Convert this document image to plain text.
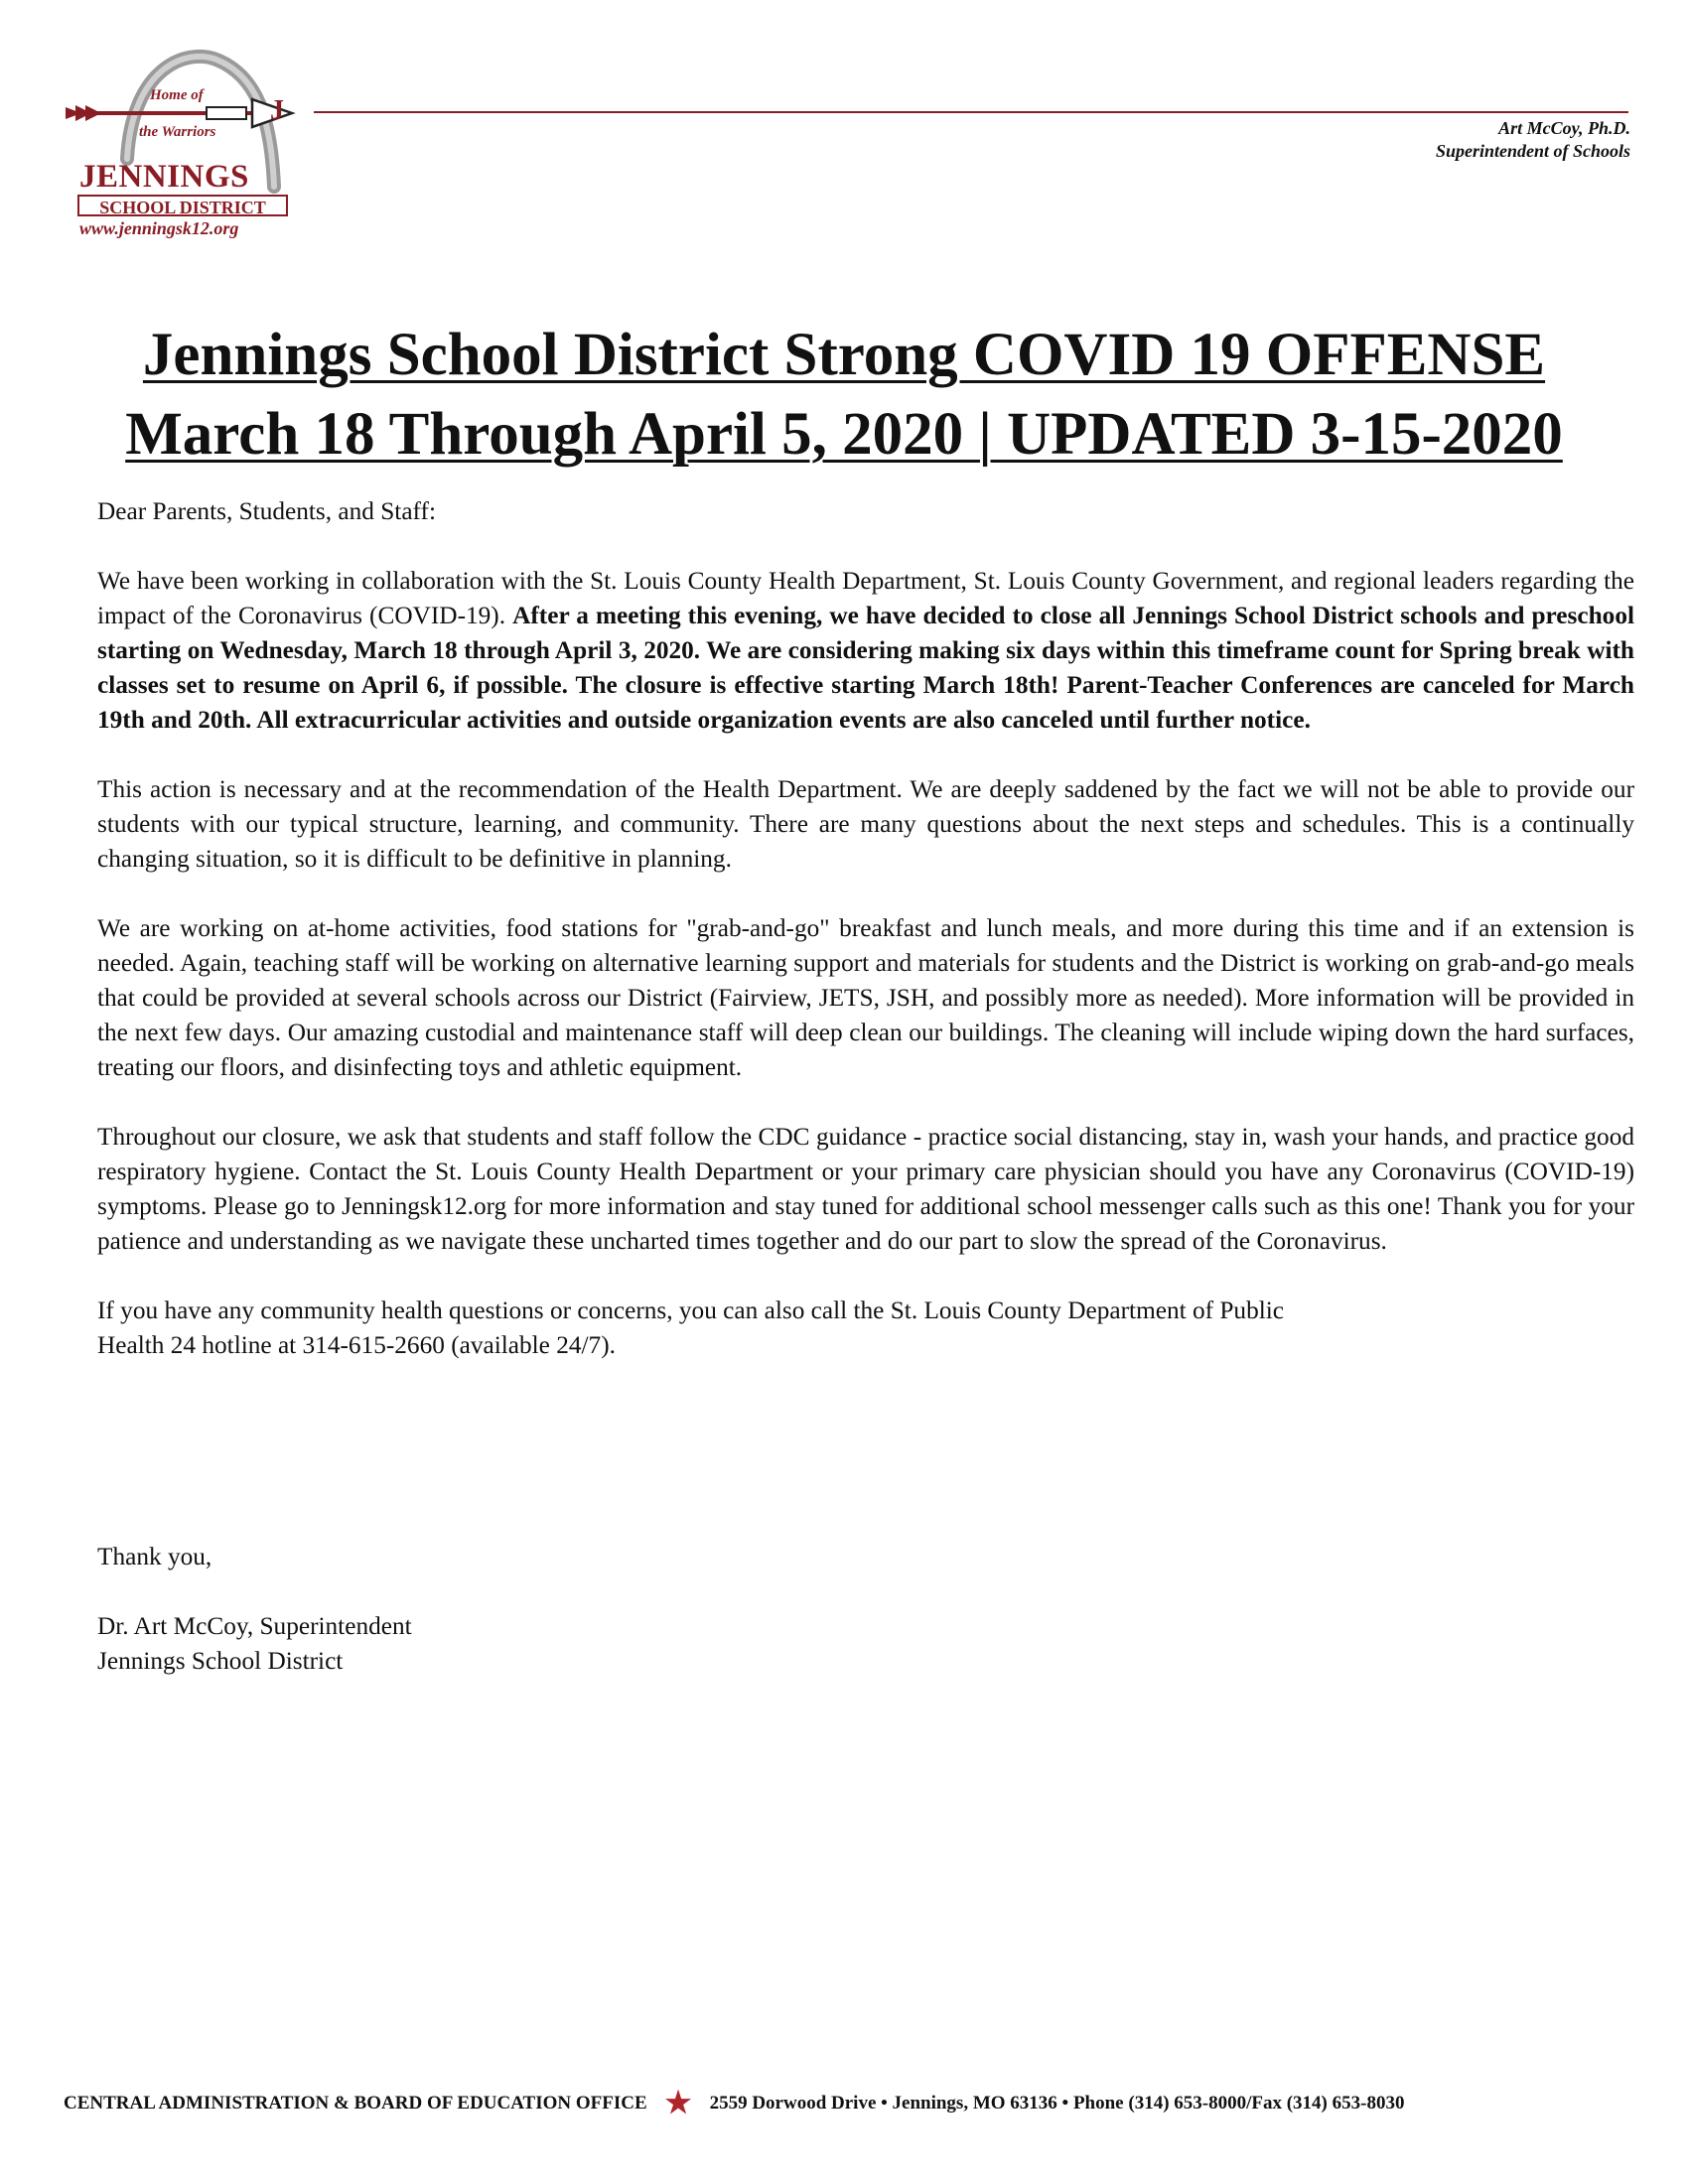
Home of
the Warriors
J
JENNINGS
SCHOOL DISTRICT
www.jenningsk12.org
Art McCoy, Ph.D.
Superintendent of Schools
Jennings School District Strong COVID 19 OFFENSE
March 18 Through April 5, 2020 | UPDATED 3-15-2020

Dear Parents, Students, and Staff:

We have been working in collaboration with the St. Louis County Health Department, St. Louis County Government, and regional leaders regarding the impact of the Coronavirus (COVID-19). After a meeting this evening, we have decided to close all Jennings School District schools and preschool starting on Wednesday, March 18 through April 3, 2020. We are considering making six days within this timeframe count for Spring break with classes set to resume on April 6, if possible. The closure is effective starting March 18th! Parent-Teacher Conferences are canceled for March 19th and 20th. All extracurricular activities and outside organization events are also canceled until further notice.

This action is necessary and at the recommendation of the Health Department. We are deeply saddened by the fact we will not be able to provide our students with our typical structure, learning, and community. There are many questions about the next steps and schedules. This is a continually changing situation, so it is difficult to be definitive in planning.

We are working on at-home activities, food stations for "grab-and-go" breakfast and lunch meals, and more during this time and if an extension is needed. Again, teaching staff will be working on alternative learning support and materials for students and the District is working on grab-and-go meals that could be provided at several schools across our District (Fairview, JETS, JSH, and possibly more as needed). More information will be provided in the next few days. Our amazing custodial and maintenance staff will deep clean our buildings. The cleaning will include wiping down the hard surfaces, treating our floors, and disinfecting toys and athletic equipment.

Throughout our closure, we ask that students and staff follow the CDC guidance - practice social distancing, stay in, wash your hands, and practice good respiratory hygiene. Contact the St. Louis County Health Department or your primary care physician should you have any Coronavirus (COVID-19) symptoms. Please go to Jenningsk12.org for more information and stay tuned for additional school messenger calls such as this one! Thank you for your patience and understanding as we navigate these uncharted times together and do our part to slow the spread of the Coronavirus.

If you have any community health questions or concerns, you can also call the St. Louis County Department of Public
Health 24 hotline at 314-615-2660 (available 24/7).

Thank you,

Dr. Art McCoy, Superintendent
Jennings School District

CENTRAL ADMINISTRATION & BOARD OF EDUCATION OFFICE ★ 2559 Dorwood Drive • Jennings, MO 63136 • Phone (314) 653-8000/Fax (314) 653-8030
